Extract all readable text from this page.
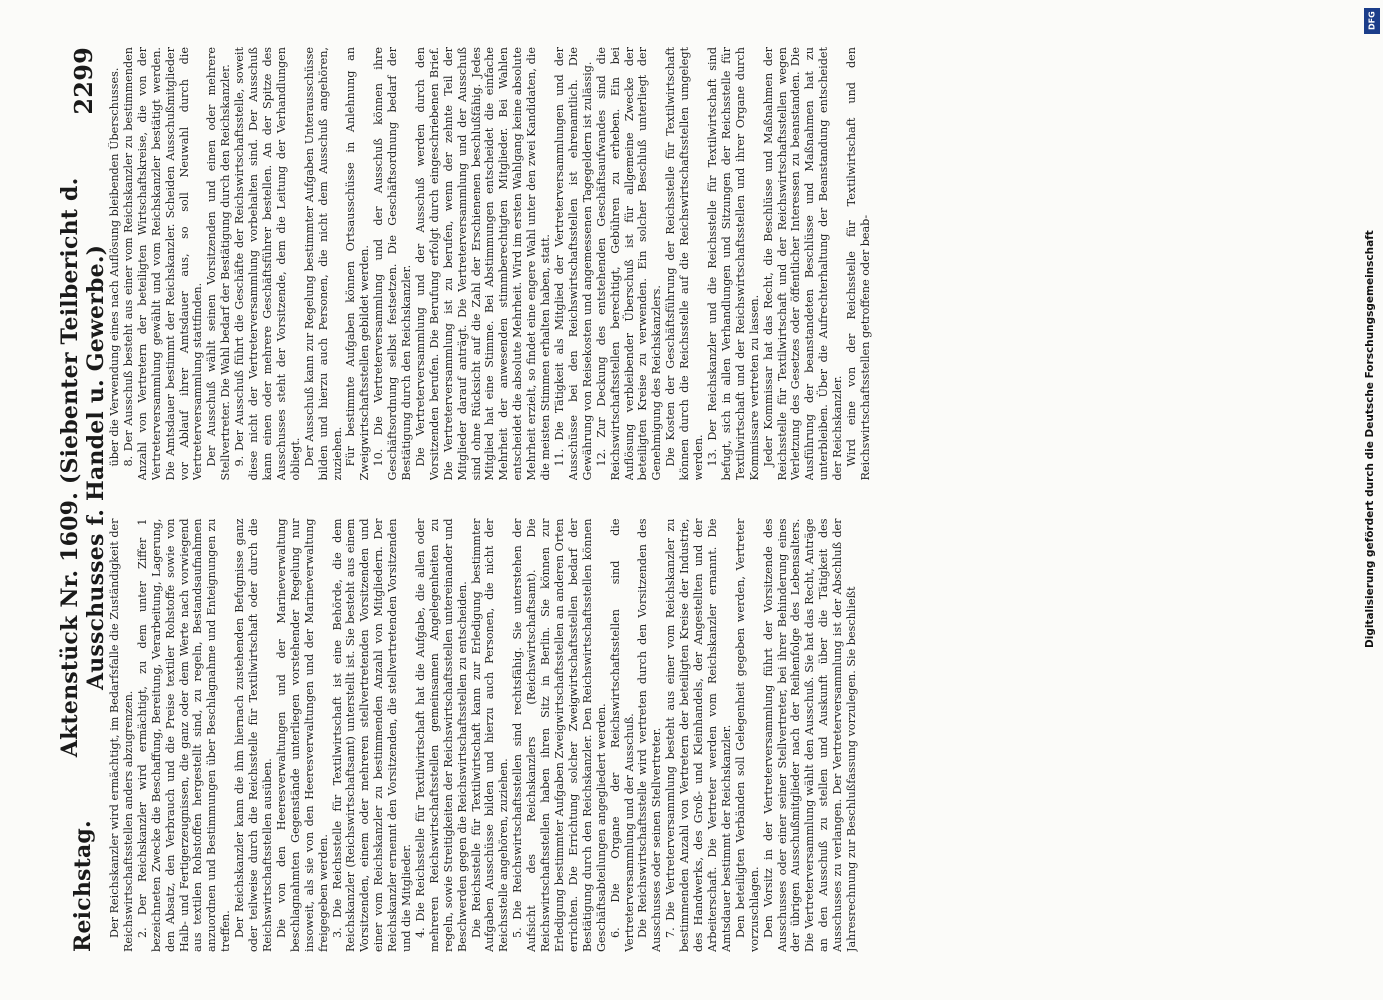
Reichstag.
Aktenstück Nr. 1609. (Siebenter Teilbericht d. Ausschusses f. Handel u. Gewerbe.)
2299

Der Reichskanzler wird ermächtigt, im Bedarfsfalle die Zuständigkeit der Reichswirtschaftsstellen anders abzugrenzen. 2. Der Reichskanzler wird ermächtigt, zu dem unter Ziffer 1 bezeichneten Zwecke die Beschaffung, Bereitung, Verarbeitung, Lagerung, den Absatz, den Verbrauch und die Preise textiler Rohstoffe sowie von Halb- und Fertigerzeugnissen, die ganz oder dem Werte nach vorwiegend aus textilen Rohstoffen hergestellt sind, zu regeln, Bestandsaufnahmen anzuordnen und Bestimmungen über Beschlagnahme und Enteignungen zu treffen. Der Reichskanzler kann die ihm hiernach zustehenden Befugnisse ganz oder teilweise durch die Reichsstelle für Textilwirtschaft oder durch die Reichswirtschaftsstellen ausüben. Die von den Heeresverwaltungen und der Marineverwaltung beschlagnahmten Gegenstände unterliegen vorstehender Regelung nur insoweit, als sie von den Heeresverwaltungen und der Marineverwaltung freigegeben werden. 3. Die Reichsstelle für Textilwirtschaft ist eine Behörde, die dem Reichskanzler (Reichswirtschaftsamt) unterstellt ist. Sie besteht aus einem Vorsitzenden, einem oder mehreren stellvertretenden Vorsitzenden und einer vom Reichskanzler zu bestimmenden Anzahl von Mitgliedern. Der Reichskanzler ernennt den Vorsitzenden, die stellvertretenden Vorsitzenden und die Mitglieder. 4. Die Reichsstelle für Textilwirtschaft hat die Aufgabe, die allen oder mehreren Reichswirtschaftsstellen gemeinsamen Angelegenheiten zu regeln, sowie Streitigkeiten der Reichswirtschaftsstellen untereinander und Beschwerden gegen die Reichswirtschaftsstellen zu entscheiden. Die Reichsstelle für Textilwirtschaft kann zur Erledigung bestimmter Aufgaben Ausschüsse bilden und hierzu auch Personen, die nicht der Reichsstelle angehören, zuziehen. 5. Die Reichswirtschaftsstellen sind rechtsfähig. Sie unterstehen der Aufsicht des Reichskanzlers (Reichswirtschaftsamt). Die Reichswirtschaftsstellen haben ihren Sitz in Berlin. Sie können zur Erledigung bestimmter Aufgaben Zweigwirtschaftsstellen an anderen Orten errichten. Die Errichtung solcher Zweigwirtschaftsstellen bedarf der Bestätigung durch den Reichskanzler. Den Reichswirtschaftsstellen können Geschäftsabteilungen angegliedert werden. 6. Die Organe der Reichswirtschaftsstellen sind die Vertreterversammlung und der Ausschuß. Die Reichswirtschaftsstelle wird vertreten durch den Vorsitzenden des Ausschusses oder seinen Stellvertreter. 7. Die Vertreterversammlung besteht aus einer vom Reichskanzler zu bestimmenden Anzahl von Vertretern der beteiligten Kreise der Industrie, des Handwerks, des Groß- und Kleinhandels, der Angestellten und der Arbeiterschaft. Die Vertreter werden vom Reichskanzler ernannt. Die Amtsdauer bestimmt der Reichskanzler. Den beteiligten Verbänden soll Gelegenheit gegeben werden, Vertreter vorzuschlagen. Den Vorsitz in der Vertreterversammlung führt der Vorsitzende des Ausschusses oder einer seiner Stellvertreter, bei ihrer Behinderung eines der übrigen Ausschußmitglieder nach der Reihenfolge des Lebensalters. Die Vertreterversammlung wählt den Ausschuß. Sie hat das Recht, Anträge an den Ausschuß zu stellen und Auskunft über die Tätigkeit des Ausschusses zu verlangen. Der Vertreterversammlung ist der Abschluß der Jahresrechnung zur Beschlußfassung vorzulegen. Sie beschließt

über die Verwendung eines nach Auflösung bleibenden Überschusses. 8. Der Ausschuß besteht aus einer vom Reichskanzler zu bestimmenden Anzahl von Vertretern der beteiligten Wirtschaftskreise, die von der Vertreterversammlung gewählt und vom Reichskanzler bestätigt werden. Die Amtsdauer bestimmt der Reichskanzler. Scheiden Ausschußmitglieder vor Ablauf ihrer Amtsdauer aus, so soll Neuwahl durch die Vertreterversammlung stattfinden. Der Ausschuß wählt seinen Vorsitzenden und einen oder mehrere Stellvertreter. Die Wahl bedarf der Bestätigung durch den Reichskanzler. 9. Der Ausschuß führt die Geschäfte der Reichswirtschaftsstelle, soweit diese nicht der Vertreterversammlung vorbehalten sind. Der Ausschuß kann einen oder mehrere Geschäftsführer bestellen. An der Spitze des Ausschusses steht der Vorsitzende, dem die Leitung der Verhandlungen obliegt. Der Ausschuß kann zur Regelung bestimmter Aufgaben Unterausschüsse bilden und hierzu auch Personen, die nicht dem Ausschuß angehören, zuziehen. Für bestimmte Aufgaben können Ortsausschüsse in Anlehnung an Zweigwirtschaftsstellen gebildet werden. 10. Die Vertreterversammlung und der Ausschuß können ihre Geschäftsordnung selbst festsetzen. Die Geschäftsordnung bedarf der Bestätigung durch den Reichskanzler. Die Vertreterversammlung und der Ausschuß werden durch den Vorsitzenden berufen. Die Berufung erfolgt durch eingeschriebenen Brief. Die Vertreterversammlung ist zu berufen, wenn der zehnte Teil der Mitglieder darauf anträgt. Die Vertreterversammlung und der Ausschuß sind ohne Rücksicht auf die Zahl der Erschienenen beschlußfähig. Jedes Mitglied hat eine Stimme. Bei Abstimmungen entscheidet die einfache Mehrheit der anwesenden stimmberechtigten Mitglieder. Bei Wahlen entscheidet die absolute Mehrheit. Wird im ersten Wahlgang keine absolute Mehrheit erzielt, so findet eine engere Wahl unter den zwei Kandidaten, die die meisten Stimmen erhalten haben, statt. 11. Die Tätigkeit als Mitglied der Vertreterversammlungen und der Ausschüsse bei den Reichswirtschaftsstellen ist ehrenamtlich. Die Gewährung von Reisekosten und angemessenen Tagegeldern ist zulässig. 12. Zur Deckung des entstehenden Geschäftsaufwandes sind die Reichswirtschaftsstellen berechtigt, Gebühren zu erheben. Ein bei Auflösung verbleibender Überschuß ist für allgemeine Zwecke der beteiligten Kreise zu verwenden. Ein solcher Beschluß unterliegt der Genehmigung des Reichskanzlers. Die Kosten der Geschäftsführung der Reichsstelle für Textilwirtschaft können durch die Reichsstelle auf die Reichswirtschaftsstellen umgelegt werden. 13. Der Reichskanzler und die Reichsstelle für Textilwirtschaft sind befugt, sich in allen Verhandlungen und Sitzungen der Reichsstelle für Textilwirtschaft und der Reichswirtschaftsstellen und ihrer Organe durch Kommissare vertreten zu lassen. Jeder Kommissar hat das Recht, die Beschlüsse und Maßnahmen der Reichsstelle für Textilwirtschaft und der Reichswirtschaftsstellen wegen Verletzung des Gesetzes oder öffentlicher Interessen zu beanstanden. Die Ausführung der beanstandeten Beschlüsse und Maßnahmen hat zu unterbleiben. Über die Aufrechterhaltung der Beanstandung entscheidet der Reichskanzler. Wird eine von der Reichsstelle für Textilwirtschaft und den Reichswirtschaftsstellen getroffene oder beab-	Digitalisierung gefördert durch die Deutsche Forschungsgemeinschaft
DFG
